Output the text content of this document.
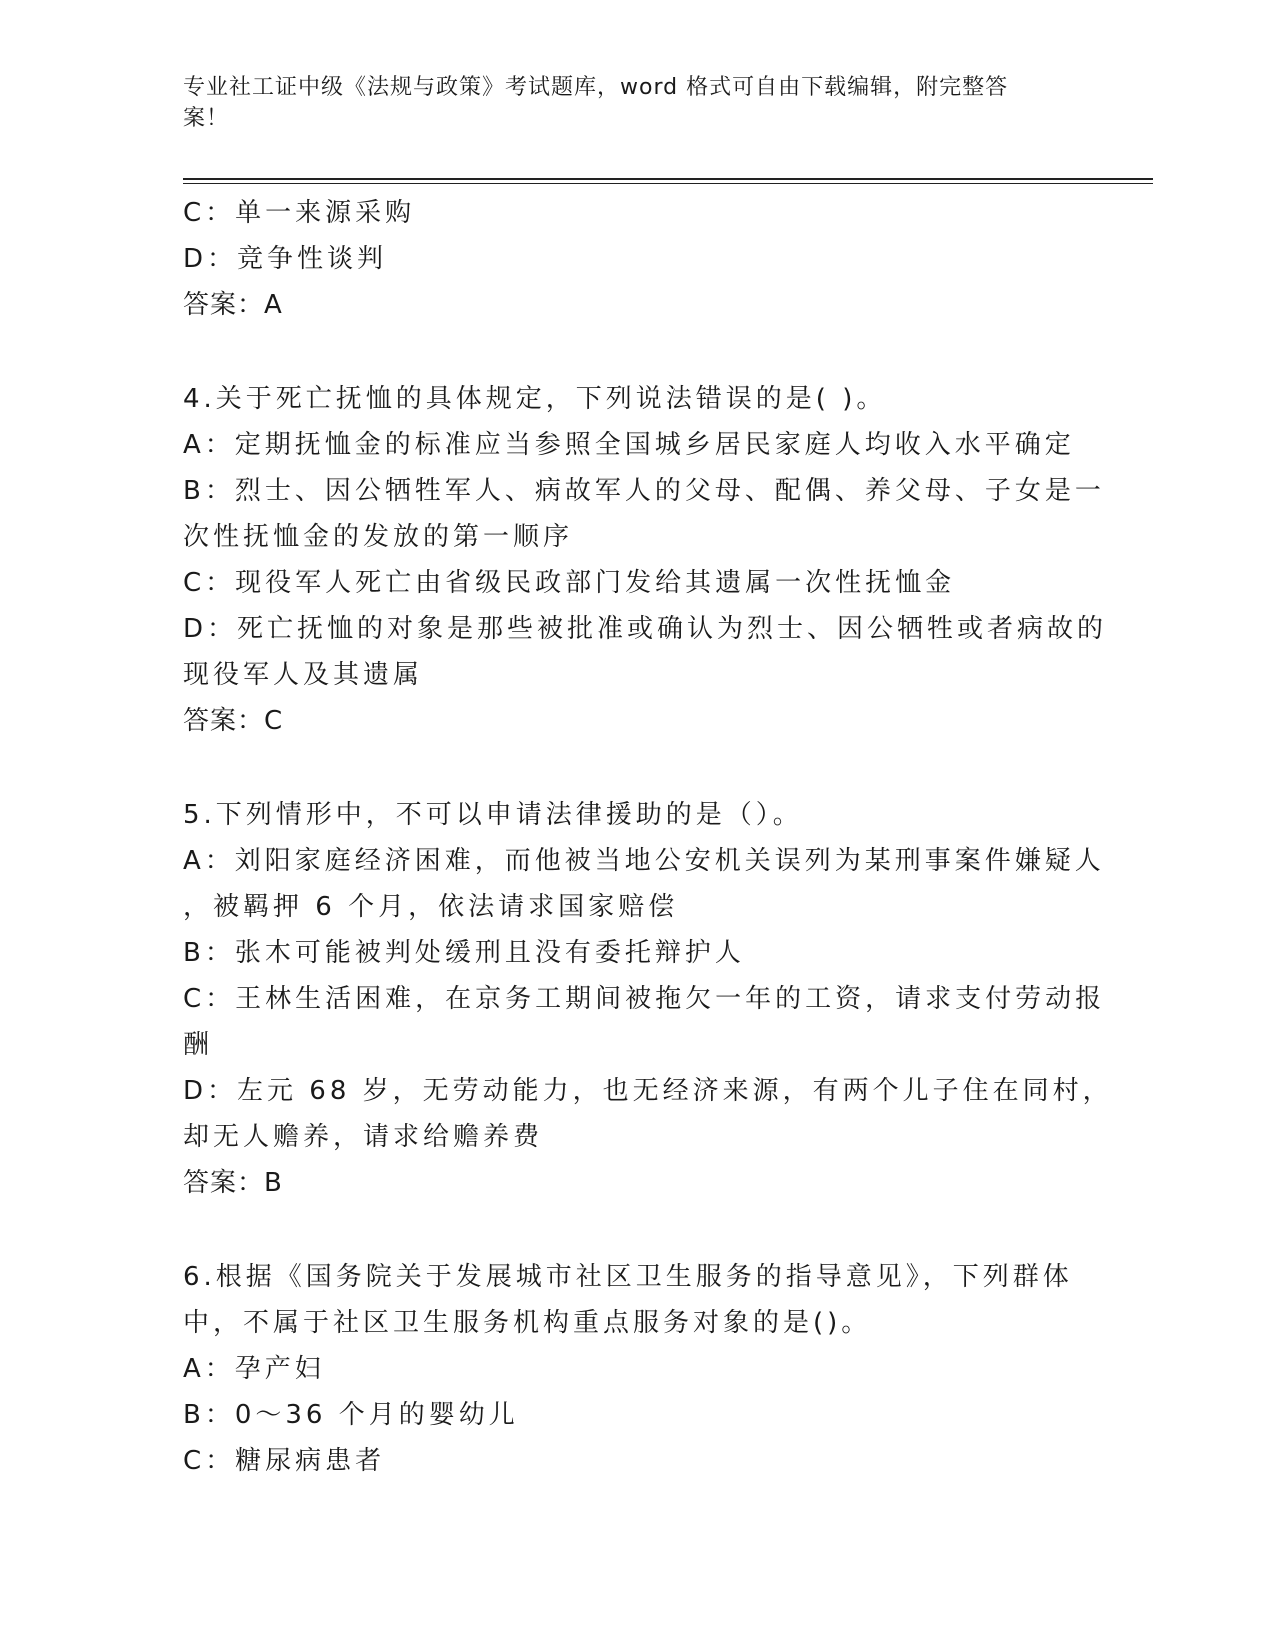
专业社工证中级《法规与政策》考试题库，word 格式可自由下载编辑，附完整答
案！
C：单一来源采购
D：竞争性谈判
答案：A
4.关于死亡抚恤的具体规定，下列说法错误的是( )。
A：定期抚恤金的标准应当参照全国城乡居民家庭人均收入水平确定
B：烈士、因公牺牲军人、病故军人的父母、配偶、养父母、子女是一
次性抚恤金的发放的第一顺序
C：现役军人死亡由省级民政部门发给其遗属一次性抚恤金
D：死亡抚恤的对象是那些被批准或确认为烈士、因公牺牲或者病故的
现役军人及其遗属
答案：C
5.下列情形中，不可以申请法律援助的是（）。
A：刘阳家庭经济困难，而他被当地公安机关误列为某刑事案件嫌疑人
，被羁押 6 个月，依法请求国家赔偿
B：张木可能被判处缓刑且没有委托辩护人
C：王林生活困难，在京务工期间被拖欠一年的工资，请求支付劳动报
酬
D：左元 68 岁，无劳动能力，也无经济来源，有两个儿子住在同村，
却无人赡养，请求给赡养费
答案：B
6.根据《国务院关于发展城市社区卫生服务的指导意见》，下列群体
中，不属于社区卫生服务机构重点服务对象的是()。
A：孕产妇
B：0～36 个月的婴幼儿
C：糖尿病患者
